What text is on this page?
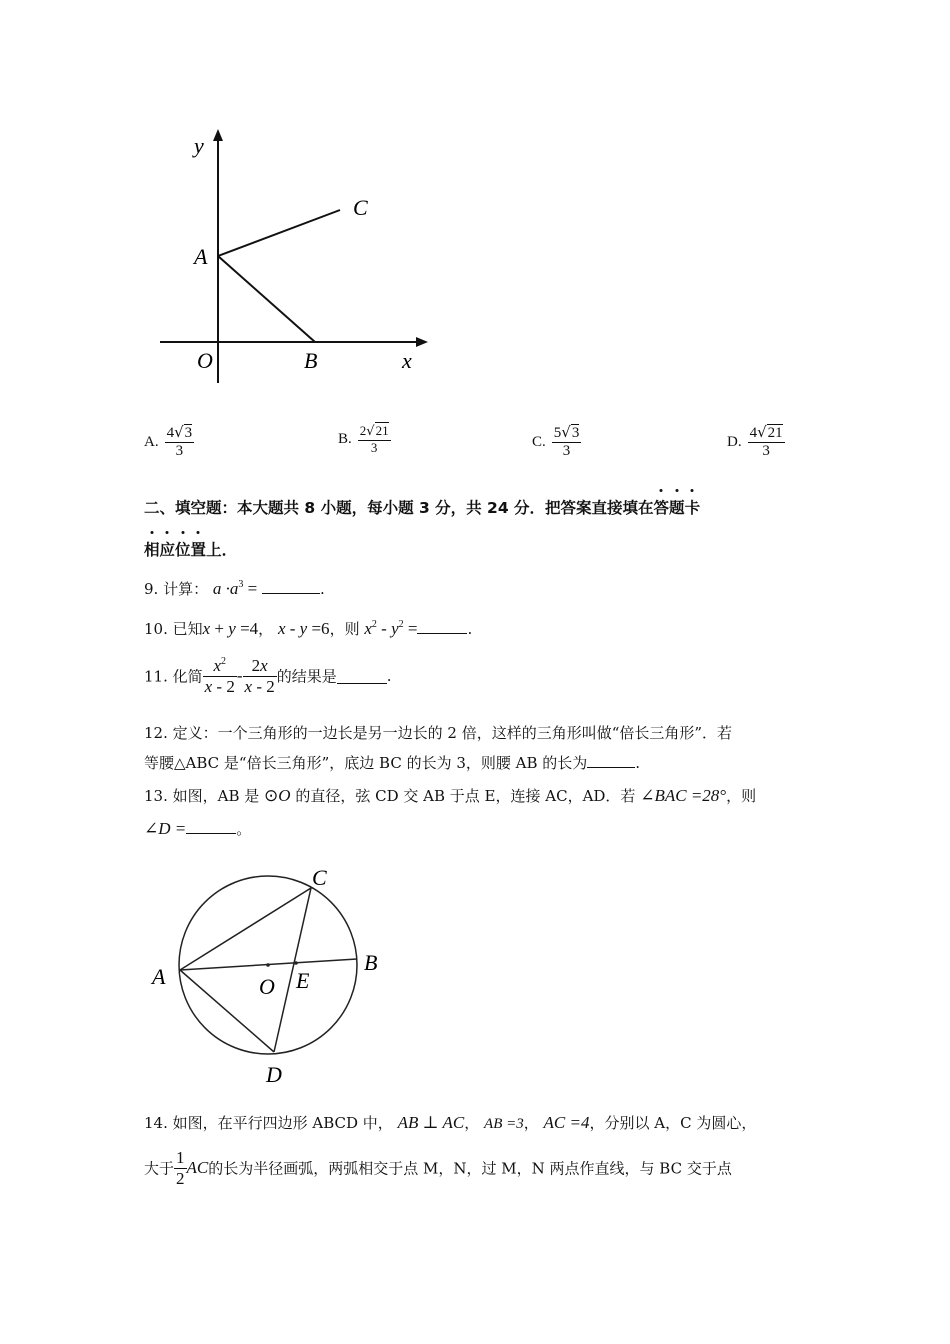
y
C
A
O	B	x
A. $\frac{4√3}{3}$	B. $\frac{2√21}{3}$	C. $\frac{5√3}{3}$	D. $\frac{4√21}{3}$
二、填空题：本大题共 8 小题，每小题 3 分，共 24 分．把答案直接填在
答
题
卡
相
应
位
置上．
9. 计算： $a \cdot a^3$ =	.
10. 已知x + y =4， x - y =6，则 $x^2 - y^2$ =	.
11. 化简 $\frac{x^2}{x - 2} - \frac{2x}{x - 2}$ 的结果是	.
12. 定义：一个三角形的一边长是另一边长的 2 倍，这样的三角形叫做“倍长三角形”．若
等腰△ABC 是“倍长三角形”，底边 BC 的长为 3，则腰 AB 的长为	.
13. 如图，AB 是 ⊙O 的直径，弦 CD 交 AB 于点 E，连接 AC，AD．若 ∠BAC =28°，则
∠D =	。
C
A
B
O E
D
14. 如图，在平行四边形 ABCD 中， AB ⊥ AC， AB =3， AC =4，分别以 A，C 为圆心，
大于 $\frac{1}{2}$ AC的长为半径画弧，两弧相交于点 M，N，过 M，N 两点作直线，与 BC 交于点
